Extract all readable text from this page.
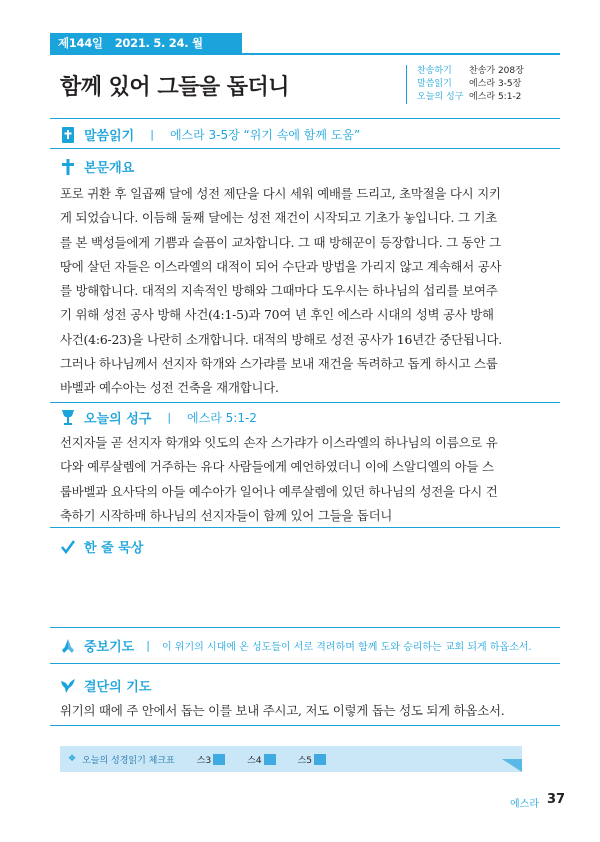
제144일 2021. 5. 24. 월
함께 있어 그들을 돕더니
찬송하기 찬송가 208장
말씀읽기 에스라 3-5장
오늘의 성구 에스라 5:1-2
말씀읽기 | 에스라 3-5장 “위기 속에 함께 도움”
본문개요
포로 귀환 후 일곱째 달에 성전 제단을 다시 세워 예배를 드리고, 초막절을 다시 지키
게 되었습니다. 이듬해 둘째 달에는 성전 재건이 시작되고 기초가 놓입니다. 그 기초
를 본 백성들에게 기쁨과 슬픔이 교차합니다. 그 때 방해꾼이 등장합니다. 그 동안 그
땅에 살던 자들은 이스라엘의 대적이 되어 수단과 방법을 가리지 않고 계속해서 공사
를 방해합니다. 대적의 지속적인 방해와 그때마다 도우시는 하나님의 섭리를 보여주
기 위해 성전 공사 방해 사건(4:1-5)과 70여 년 후인 에스라 시대의 성벽 공사 방해
사건(4:6-23)을 나란히 소개합니다. 대적의 방해로 성전 공사가 16년간 중단됩니다.
그러나 하나님께서 선지자 학개와 스가랴를 보내 재건을 독려하고 돕게 하시고 스룹
바벨과 예수아는 성전 건축을 재개합니다.
오늘의 성구 | 에스라 5:1-2
선지자들 곧 선지자 학개와 잇도의 손자 스가랴가 이스라엘의 하나님의 이름으로 유
다와 예루살렘에 거주하는 유다 사람들에게 예언하였더니 이에 스알디엘의 아들 스
룹바벨과 요사닥의 아들 예수아가 일어나 예루살렘에 있던 하나님의 성전을 다시 건
축하기 시작하매 하나님의 선지자들이 함께 있어 그들을 돕더니
한 줄 묵상
중보기도 | 이 위기의 시대에 온 성도들이 서로 격려하며 함께 도와 승리하는 교회 되게 하옵소서.
결단의 기도
위기의 때에 주 안에서 돕는 이를 보내 주시고, 저도 이렇게 돕는 성도 되게 하옵소서.
❖ 오늘의 성경읽기 체크표 스3	스4	스5
에스라 37
